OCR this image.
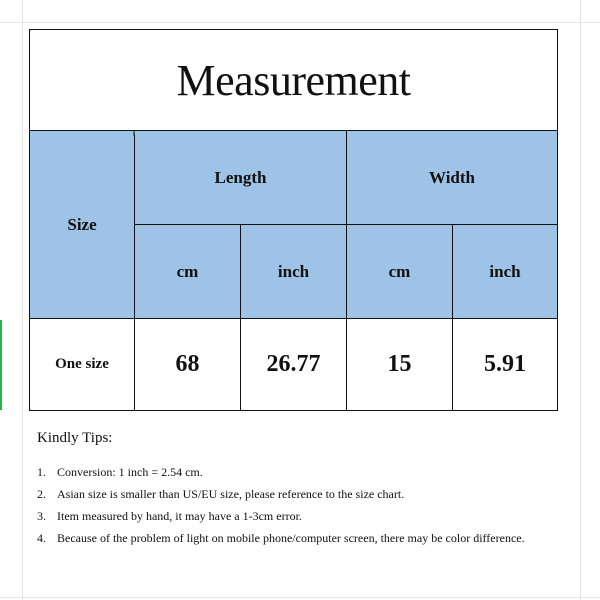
Measurement
Size
Length	Width
cm	inch	cm	inch
One size	68	26.77	15	5.91
Kindly Tips:
1. Conversion: 1 inch = 2.54 cm.
2. Asian size is smaller than US/EU size, please reference to the size chart.
3. Item measured by hand, it may have a 1-3cm error.
4. Because of the problem of light on mobile phone/computer screen, there may be color difference.
